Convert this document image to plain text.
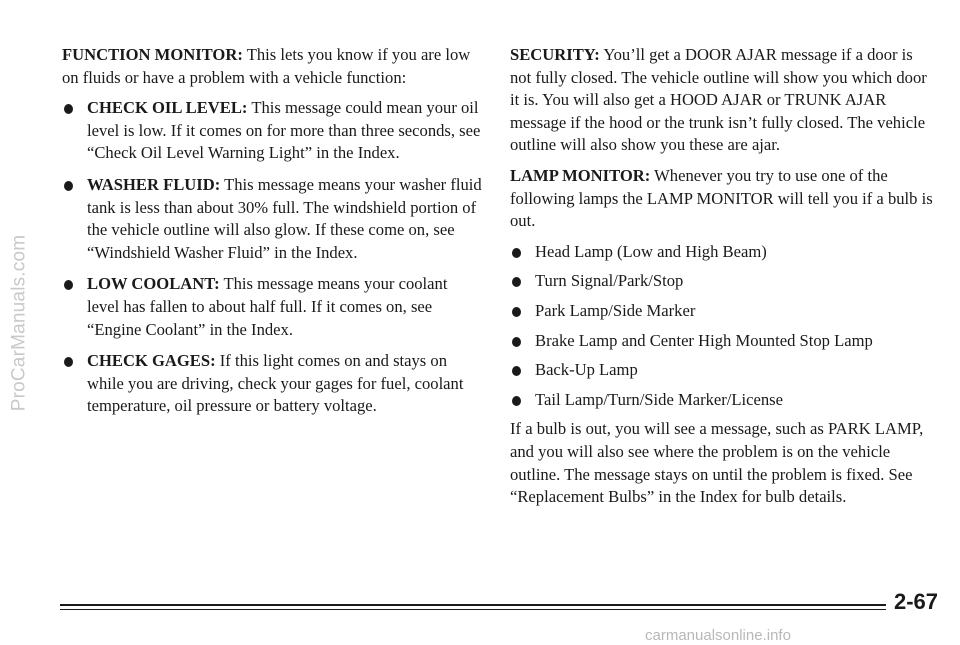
ProCarManuals.com

FUNCTION MONITOR: This lets you know if you are low on fluids or have a problem with a vehicle function:

CHECK OIL LEVEL: This message could mean your oil level is low. If it comes on for more than three seconds, see “Check Oil Level Warning Light” in the Index.
WASHER FLUID: This message means your washer fluid tank is less than about 30% full. The windshield portion of the vehicle outline will also glow. If these come on, see “Windshield Washer Fluid” in the Index.
LOW COOLANT: This message means your coolant level has fallen to about half full. If it comes on, see “Engine Coolant” in the Index.
CHECK GAGES: If this light comes on and stays on while you are driving, check your gages for fuel, coolant temperature, oil pressure or battery voltage.

SECURITY: You’ll get a DOOR AJAR message if a door is not fully closed. The vehicle outline will show you which door it is. You will also get a HOOD AJAR or TRUNK AJAR message if the hood or the trunk isn’t fully closed. The vehicle outline will also show you these are ajar.

LAMP MONITOR: Whenever you try to use one of the following lamps the LAMP MONITOR will tell you if a bulb is out.

Head Lamp (Low and High Beam)
Turn Signal/Park/Stop
Park Lamp/Side Marker
Brake Lamp and Center High Mounted Stop Lamp
Back-Up Lamp
Tail Lamp/Turn/Side Marker/License

If a bulb is out, you will see a message, such as PARK LAMP, and you will also see where the problem is on the vehicle outline. The message stays on until the problem is fixed. See “Replacement Bulbs” in the Index for bulb details.

2-67
carmanualsonline.info
